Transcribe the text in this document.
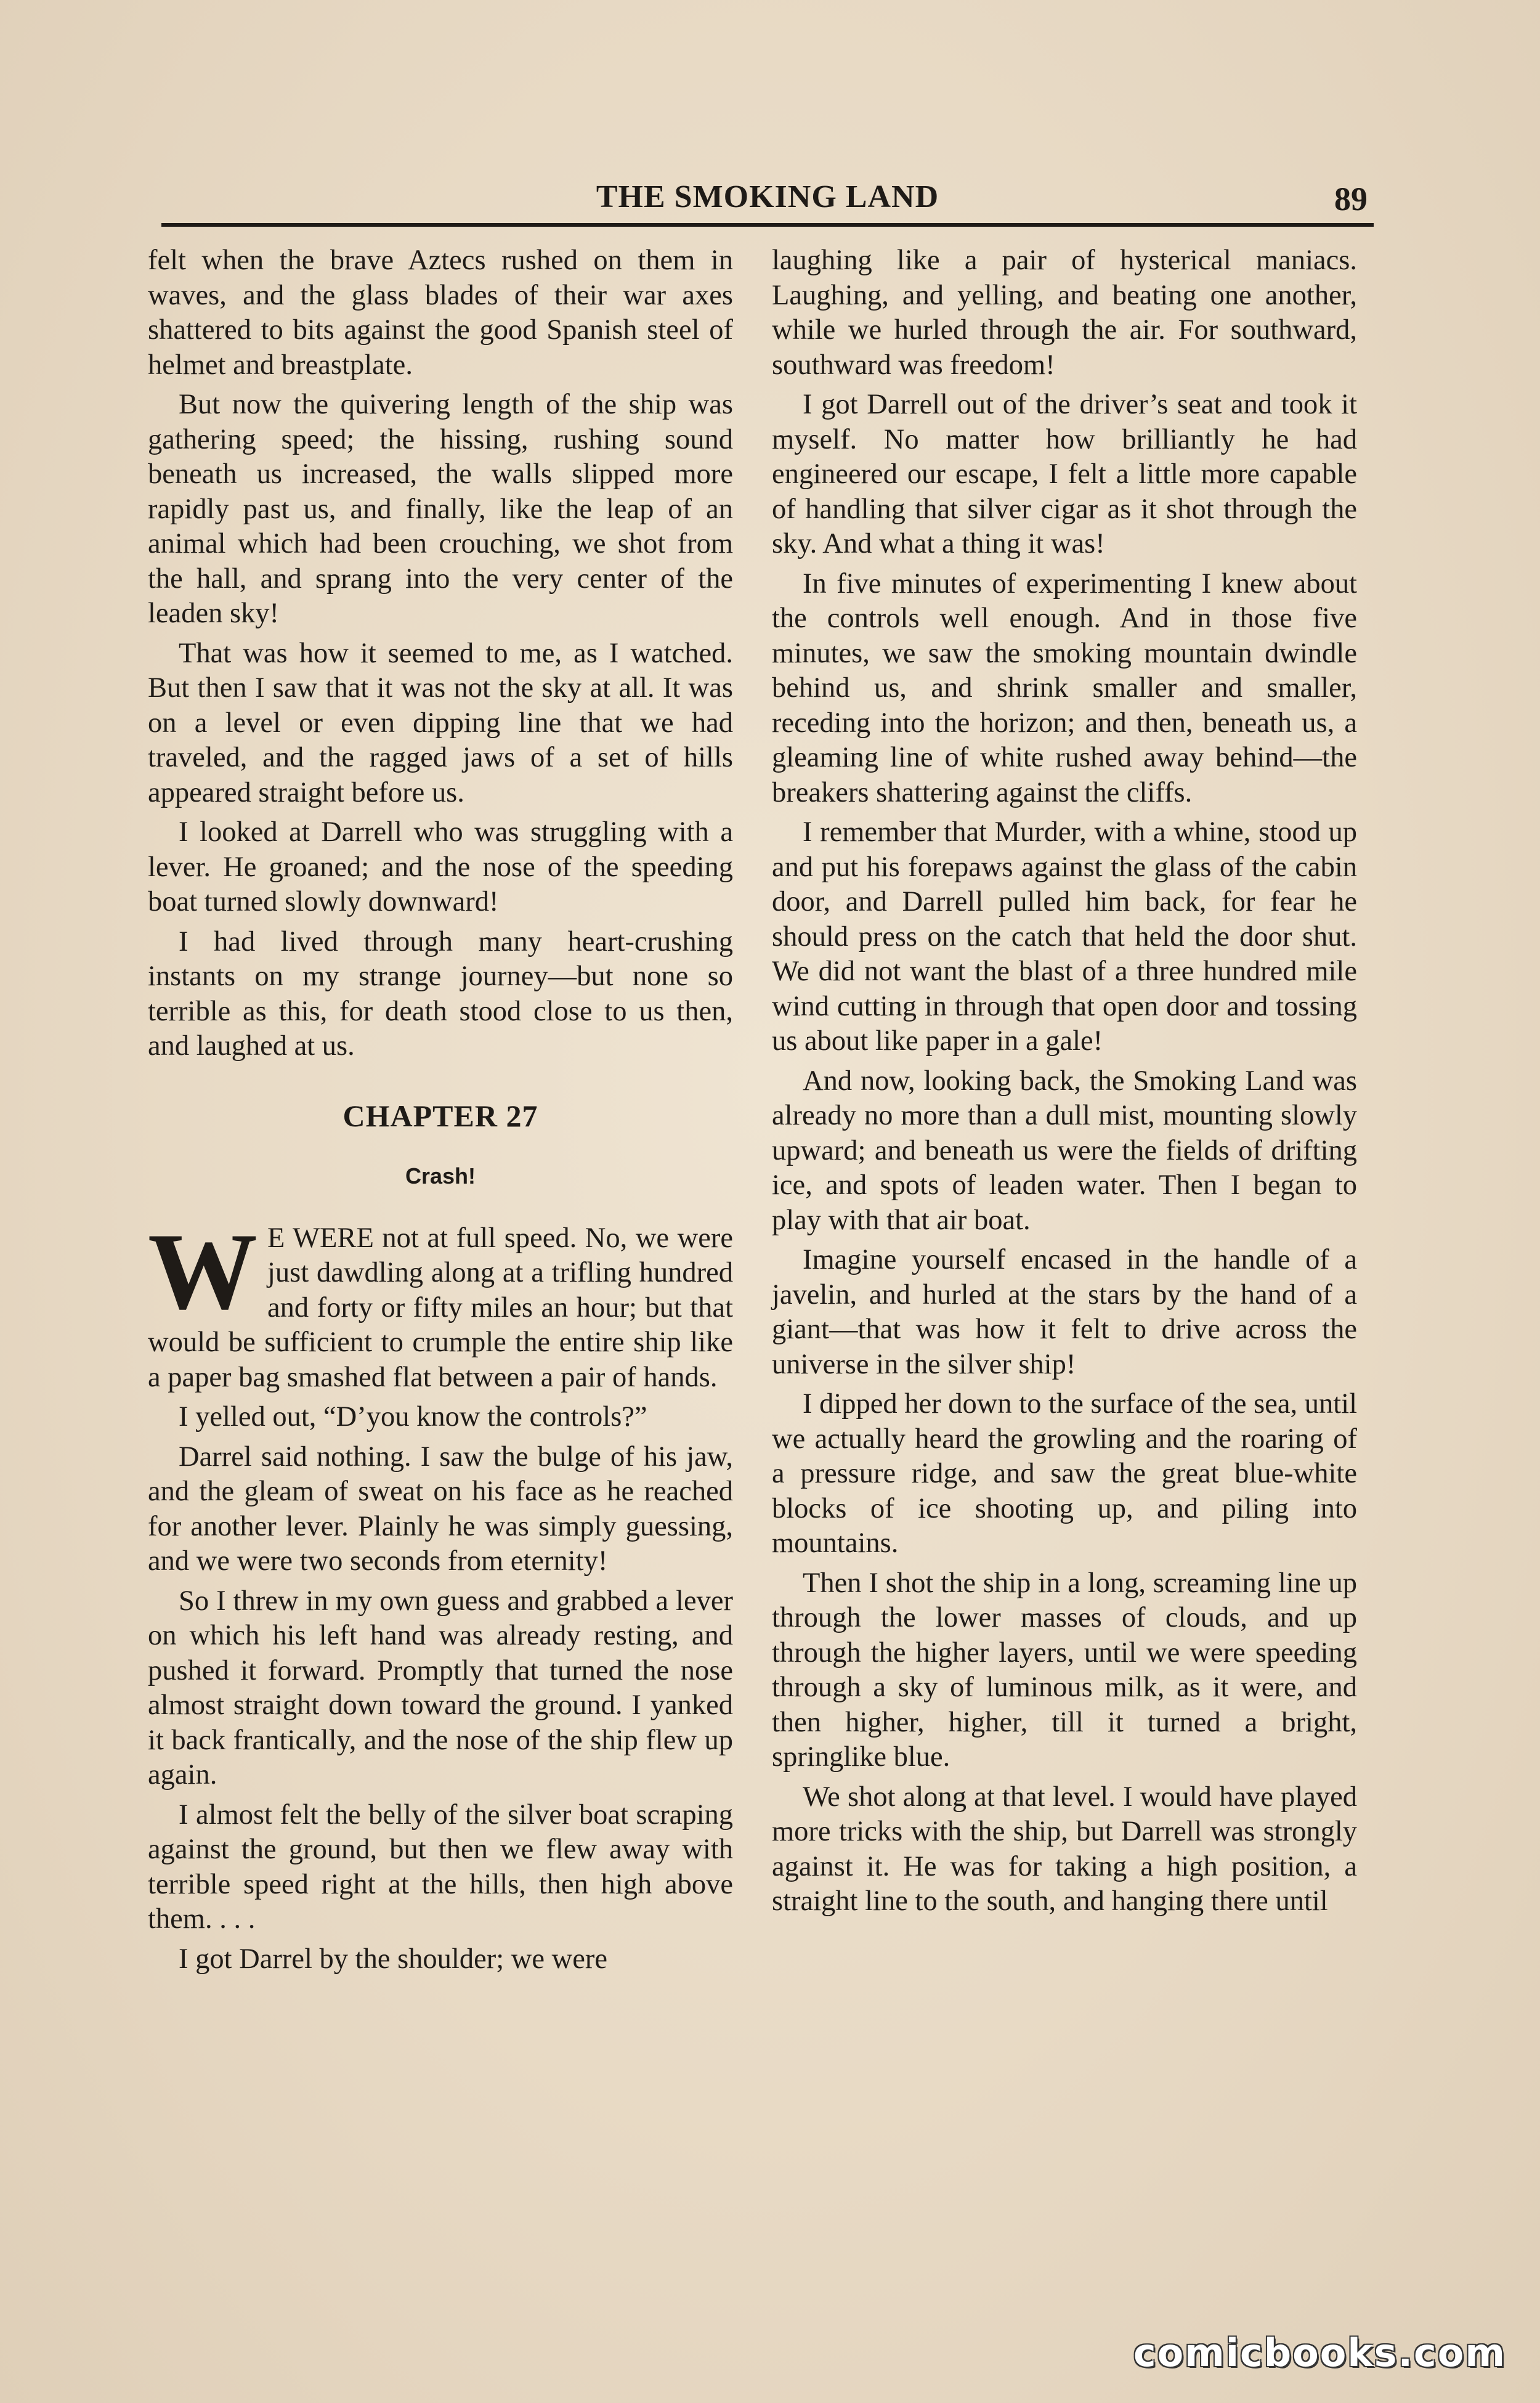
THE SMOKING LAND	89

felt when the brave Aztecs rushed on them in waves, and the glass blades of their war axes shattered to bits against the good Spanish steel of helmet and breastplate.

But now the quivering length of the ship was gathering speed; the hissing, rushing sound beneath us increased, the walls slipped more rapidly past us, and finally, like the leap of an animal which had been crouching, we shot from the hall, and sprang into the very center of the leaden sky!

That was how it seemed to me, as I watched. But then I saw that it was not the sky at all. It was on a level or even dipping line that we had traveled, and the ragged jaws of a set of hills appeared straight before us.

I looked at Darrell who was struggling with a lever. He groaned; and the nose of the speeding boat turned slowly downward!

I had lived through many heart-crushing instants on my strange journey—but none so terrible as this, for death stood close to us then, and laughed at us.

CHAPTER 27
Crash!

W E WERE not at full speed. No, we were just dawdling along at a trifling hundred and forty or fifty miles an hour; but that would be sufficient to crumple the entire ship like a paper bag smashed flat between a pair of hands.

I yelled out, “D’you know the controls?”

Darrel said nothing. I saw the bulge of his jaw, and the gleam of sweat on his face as he reached for another lever. Plainly he was simply guessing, and we were two seconds from eternity!

So I threw in my own guess and grabbed a lever on which his left hand was already resting, and pushed it forward. Promptly that turned the nose almost straight down toward the ground. I yanked it back frantically, and the nose of the ship flew up again.

I almost felt the belly of the silver boat scraping against the ground, but then we flew away with terrible speed right at the hills, then high above them. . . .

I got Darrel by the shoulder; we were

laughing like a pair of hysterical maniacs. Laughing, and yelling, and beating one another, while we hurled through the air. For southward, southward was freedom!

I got Darrell out of the driver’s seat and took it myself. No matter how brilliantly he had engineered our escape, I felt a little more capable of handling that silver cigar as it shot through the sky. And what a thing it was!

In five minutes of experimenting I knew about the controls well enough. And in those five minutes, we saw the smoking mountain dwindle behind us, and shrink smaller and smaller, receding into the horizon; and then, beneath us, a gleaming line of white rushed away behind—the breakers shattering against the cliffs.

I remember that Murder, with a whine, stood up and put his forepaws against the glass of the cabin door, and Darrell pulled him back, for fear he should press on the catch that held the door shut. We did not want the blast of a three hundred mile wind cutting in through that open door and tossing us about like paper in a gale!

And now, looking back, the Smoking Land was already no more than a dull mist, mounting slowly upward; and beneath us were the fields of drifting ice, and spots of leaden water. Then I began to play with that air boat.

Imagine yourself encased in the handle of a javelin, and hurled at the stars by the hand of a giant—that was how it felt to drive across the universe in the silver ship!

I dipped her down to the surface of the sea, until we actually heard the growling and the roaring of a pressure ridge, and saw the great blue-white blocks of ice shooting up, and piling into mountains.

Then I shot the ship in a long, screaming line up through the lower masses of clouds, and up through the higher layers, until we were speeding through a sky of luminous milk, as it were, and then higher, higher, till it turned a bright, springlike blue.

We shot along at that level. I would have played more tricks with the ship, but Darrell was strongly against it. He was for taking a high position, a straight line to the south, and hanging there until

comicbooks.com
